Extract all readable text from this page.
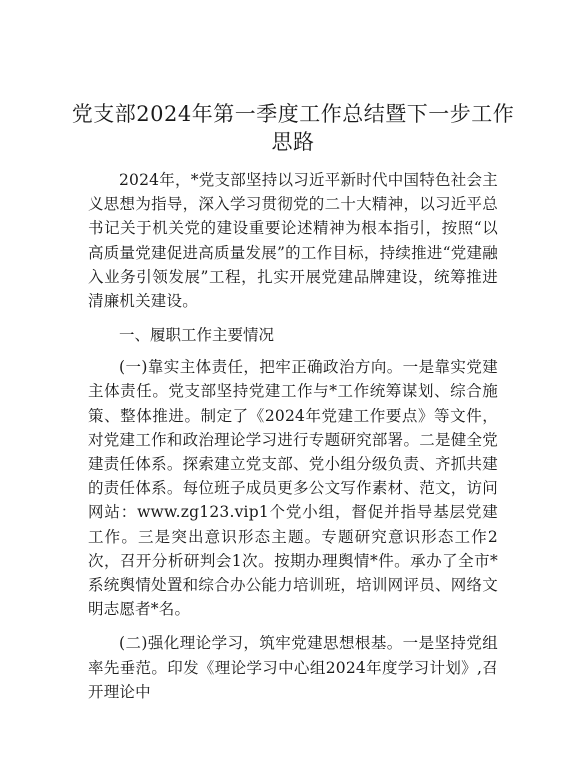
党支部2024年第一季度工作总结暨下一步工作思路

2024年，*党支部坚持以习近平新时代中国特色社会主义思想为指导，深入学习贯彻党的二十大精神，以习近平总书记关于机关党的建设重要论述精神为根本指引，按照“以高质量党建促进高质量发展”的工作目标，持续推进“党建融入业务引领发展”工程，扎实开展党建品牌建设，统筹推进清廉机关建设。

一、履职工作主要情况

(一)靠实主体责任，把牢正确政治方向。一是靠实党建主体责任。党支部坚持党建工作与*工作统筹谋划、综合施策、整体推进。制定了《2024年党建工作要点》等文件，对党建工作和政治理论学习进行专题研究部署。二是健全党建责任体系。探索建立党支部、党小组分级负责、齐抓共建的责任体系。每位班子成员更多公文写作素材、范文，访问网站：www.zg123.vip1个党小组，督促并指导基层党建工作。三是突出意识形态主题。专题研究意识形态工作2次，召开分析研判会1次。按期办理舆情*件。承办了全市*系统舆情处置和综合办公能力培训班，培训网评员、网络文明志愿者*名。

(二)强化理论学习，筑牢党建思想根基。一是坚持党组率先垂范。印发《理论学习中心组2024年度学习计划》,召开理论中
